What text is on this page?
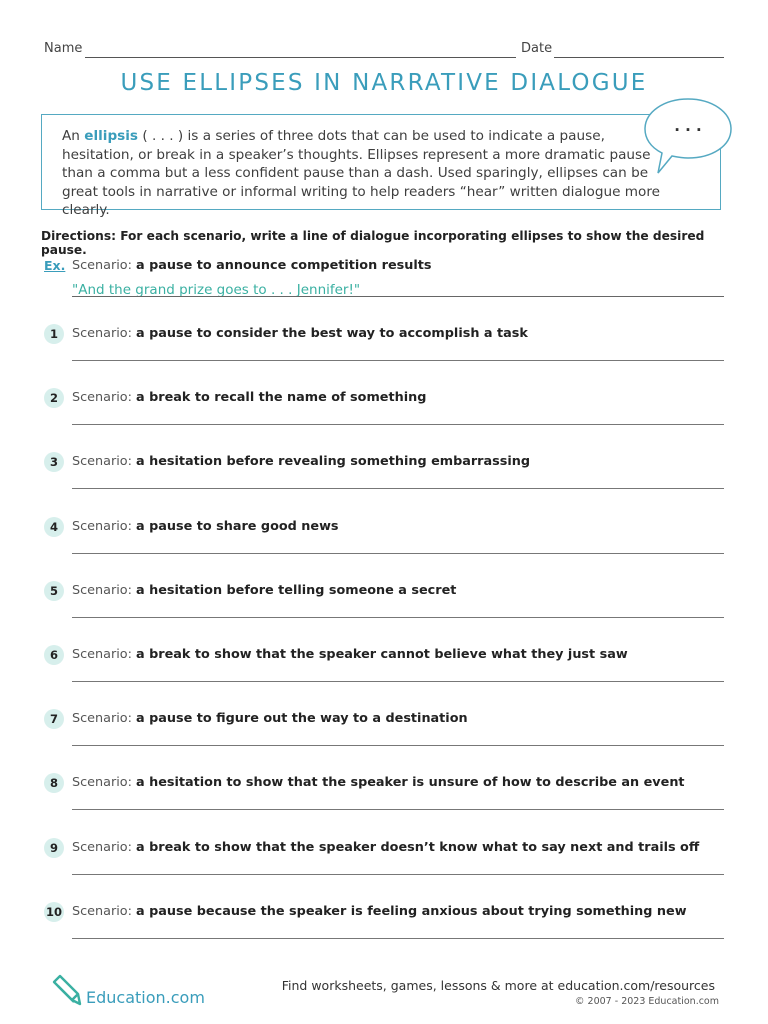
Name	Date
USE ELLIPSES IN NARRATIVE DIALOGUE
An ellipsis ( . . . ) is a series of three dots that can be used to indicate a pause, hesitation, or break in a speaker’s thoughts. Ellipses represent a more dramatic pause than a comma but a less confident pause than a dash. Used sparingly, ellipses can be great tools in narrative or informal writing to help readers “hear” written dialogue more clearly.
. . .
Directions: For each scenario, write a line of dialogue incorporating ellipses to show the desired pause.
Ex. Scenario: a pause to announce competition results
"And the grand prize goes to . . . Jennifer!"
1	Scenario: a pause to consider the best way to accomplish a task
2	Scenario: a break to recall the name of something
3	Scenario: a hesitation before revealing something embarrassing
4	Scenario: a pause to share good news
5	Scenario: a hesitation before telling someone a secret
6	Scenario: a break to show that the speaker cannot believe what they just saw
7	Scenario: a pause to figure out the way to a destination
8	Scenario: a hesitation to show that the speaker is unsure of how to describe an event
9	Scenario: a break to show that the speaker doesn’t know what to say next and trails off
10 Scenario: a pause because the speaker is feeling anxious about trying something new
Education.com
Find worksheets, games, lessons & more at education.com/resources
© 2007 - 2023 Education.com
